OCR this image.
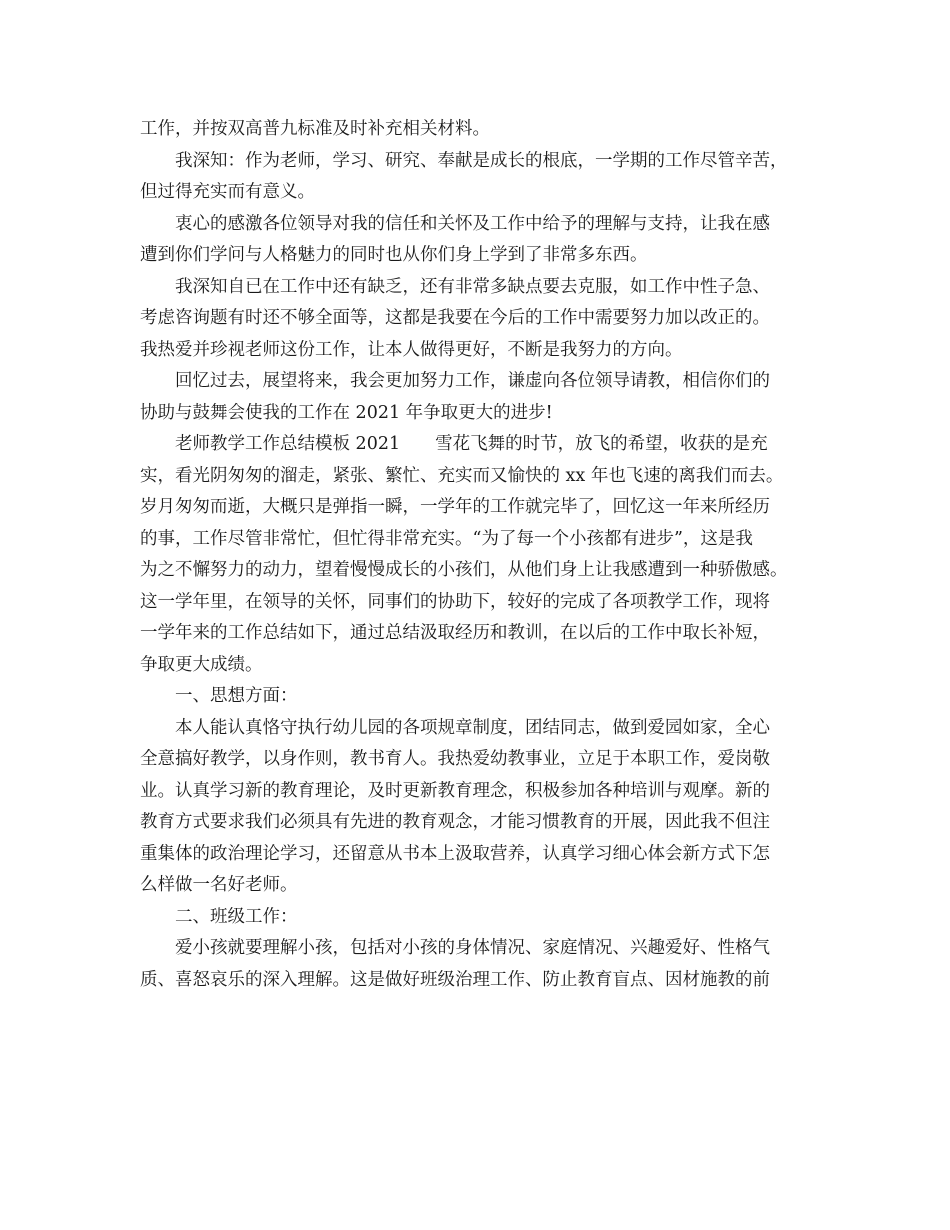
工作，并按双高普九标准及时补充相关材料。
我深知：作为老师，学习、研究、奉献是成长的根底，一学期的工作尽管辛苦，
但过得充实而有意义。
衷心的感激各位领导对我的信任和关怀及工作中给予的理解与支持，让我在感
遭到你们学问与人格魅力的同时也从你们身上学到了非常多东西。
我深知自已在工作中还有缺乏，还有非常多缺点要去克服，如工作中性子急、
考虑咨询题有时还不够全面等，这都是我要在今后的工作中需要努力加以改正的。
我热爱并珍视老师这份工作，让本人做得更好，不断是我努力的方向。
回忆过去，展望将来，我会更加努力工作，谦虚向各位领导请教，相信你们的
协助与鼓舞会使我的工作在 2021 年争取更大的进步!
老师教学工作总结模板 2021　　雪花飞舞的时节，放飞的希望，收获的是充
实，看光阴匆匆的溜走，紧张、繁忙、充实而又愉快的 xx 年也飞速的离我们而去。
岁月匆匆而逝，大概只是弹指一瞬，一学年的工作就完毕了，回忆这一年来所经历
的事，工作尽管非常忙，但忙得非常充实。“为了每一个小孩都有进步”，这是我
为之不懈努力的动力，望着慢慢成长的小孩们，从他们身上让我感遭到一种骄傲感。
这一学年里，在领导的关怀，同事们的协助下，较好的完成了各项教学工作，现将
一学年来的工作总结如下，通过总结汲取经历和教训，在以后的工作中取长补短，
争取更大成绩。
一、思想方面：
本人能认真恪守执行幼儿园的各项规章制度，团结同志，做到爱园如家，全心
全意搞好教学，以身作则，教书育人。我热爱幼教事业，立足于本职工作，爱岗敬
业。认真学习新的教育理论，及时更新教育理念，积极参加各种培训与观摩。新的
教育方式要求我们必须具有先进的教育观念，才能习惯教育的开展，因此我不但注
重集体的政治理论学习，还留意从书本上汲取营养，认真学习细心体会新方式下怎
么样做一名好老师。
二、班级工作：
爱小孩就要理解小孩，包括对小孩的身体情况、家庭情况、兴趣爱好、性格气
质、喜怒哀乐的深入理解。这是做好班级治理工作、防止教育盲点、因材施教的前
